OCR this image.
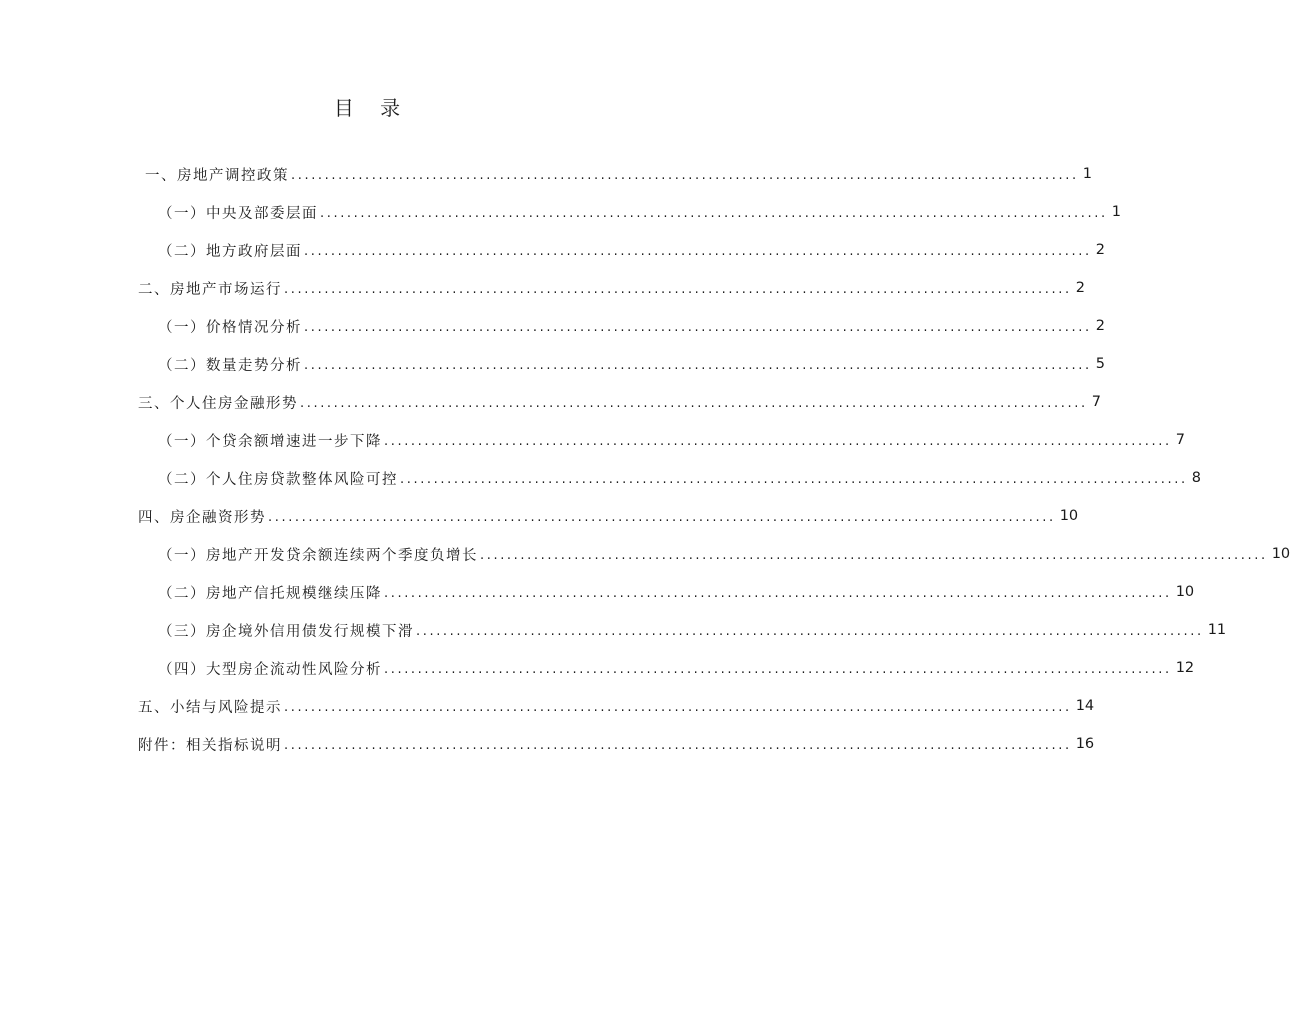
目 录
一、房地产调控政策 ..................................................................................................................... 1
（一）中央及部委层面 ..................................................................................................................... 1
（二）地方政府层面 ..................................................................................................................... 2
二、房地产市场运行 ..................................................................................................................... 2
（一）价格情况分析 ..................................................................................................................... 2
（二）数量走势分析 ..................................................................................................................... 5
三、个人住房金融形势 ..................................................................................................................... 7
（一）个贷余额增速进一步下降 ..................................................................................................................... 7
（二）个人住房贷款整体风险可控 ..................................................................................................................... 8
四、房企融资形势 ..................................................................................................................... 10
（一）房地产开发贷余额连续两个季度负增长 ..................................................................................................................... 10
（二）房地产信托规模继续压降 ..................................................................................................................... 10
（三）房企境外信用债发行规模下滑 ..................................................................................................................... 11
（四）大型房企流动性风险分析 ..................................................................................................................... 12
五、小结与风险提示 ..................................................................................................................... 14
附件：相关指标说明 ..................................................................................................................... 16
